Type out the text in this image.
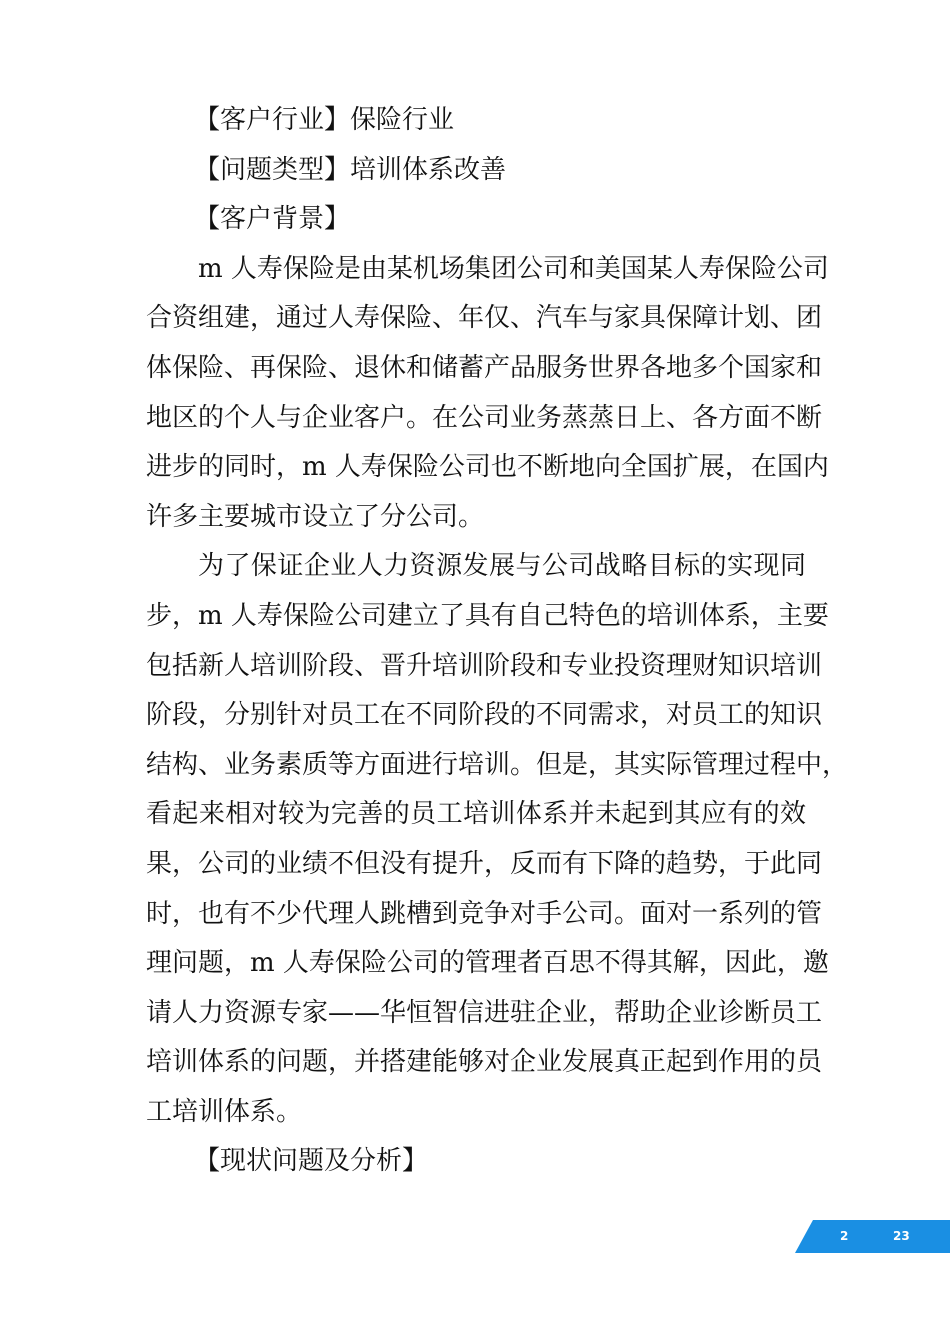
【客户行业】保险行业

【问题类型】培训体系改善

【客户背景】

m 人寿保险是由某机场集团公司和美国某人寿保险公司
合资组建，通过人寿保险、年仅、汽车与家具保障计划、团
体保险、再保险、退休和储蓄产品服务世界各地多个国家和
地区的个人与企业客户。在公司业务蒸蒸日上、各方面不断
进步的同时，m 人寿保险公司也不断地向全国扩展，在国内
许多主要城市设立了分公司。
为了保证企业人力资源发展与公司战略目标的实现同
步，m 人寿保险公司建立了具有自己特色的培训体系，主要
包括新人培训阶段、晋升培训阶段和专业投资理财知识培训
阶段，分别针对员工在不同阶段的不同需求，对员工的知识
结构、业务素质等方面进行培训。但是，其实际管理过程中，
看起来相对较为完善的员工培训体系并未起到其应有的效
果，公司的业绩不但没有提升，反而有下降的趋势，于此同
时，也有不少代理人跳槽到竞争对手公司。面对一系列的管
理问题，m 人寿保险公司的管理者百思不得其解，因此，邀
请人力资源专家——华恒智信进驻企业，帮助企业诊断员工
培训体系的问题，并搭建能够对企业发展真正起到作用的员
工培训体系。

【现状问题及分析】

2	23
